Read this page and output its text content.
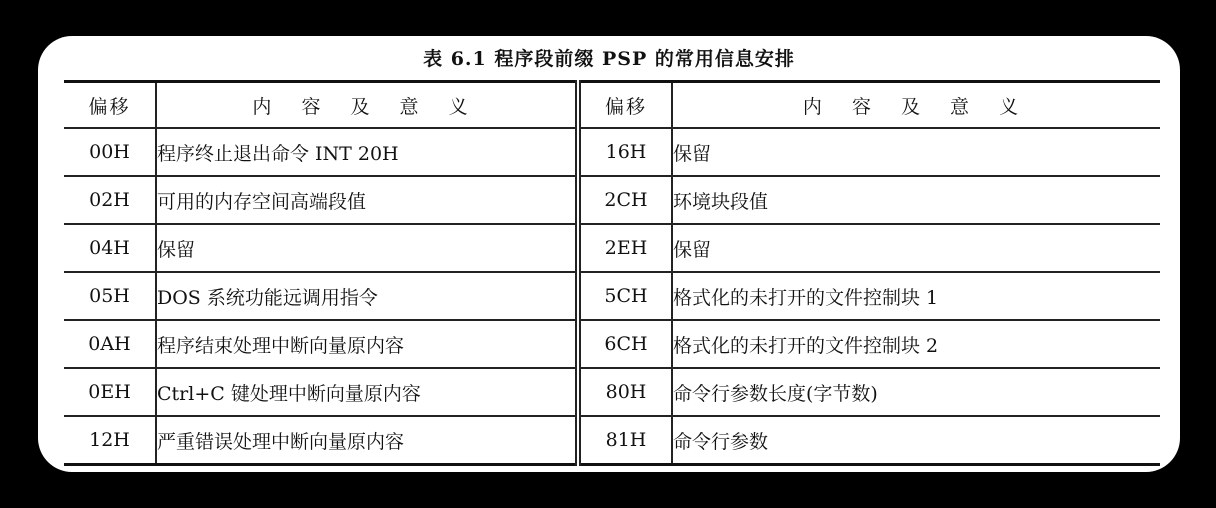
表 6.1 程序段前缀 PSP 的常用信息安排
偏移	内 容 及 意 义	偏移	内 容 及 意 义
00H	程序终止退出命令 INT 20H	16H	保留
02H	可用的内存空间高端段值	2CH	环境块段值
04H	保留	2EH	保留
05H	DOS 系统功能远调用指令	5CH	格式化的未打开的文件控制块 1
0AH	程序结束处理中断向量原内容	6CH	格式化的未打开的文件控制块 2
0EH	Ctrl+C 键处理中断向量原内容	80H	命令行参数长度(字节数)
12H	严重错误处理中断向量原内容	81H	命令行参数
